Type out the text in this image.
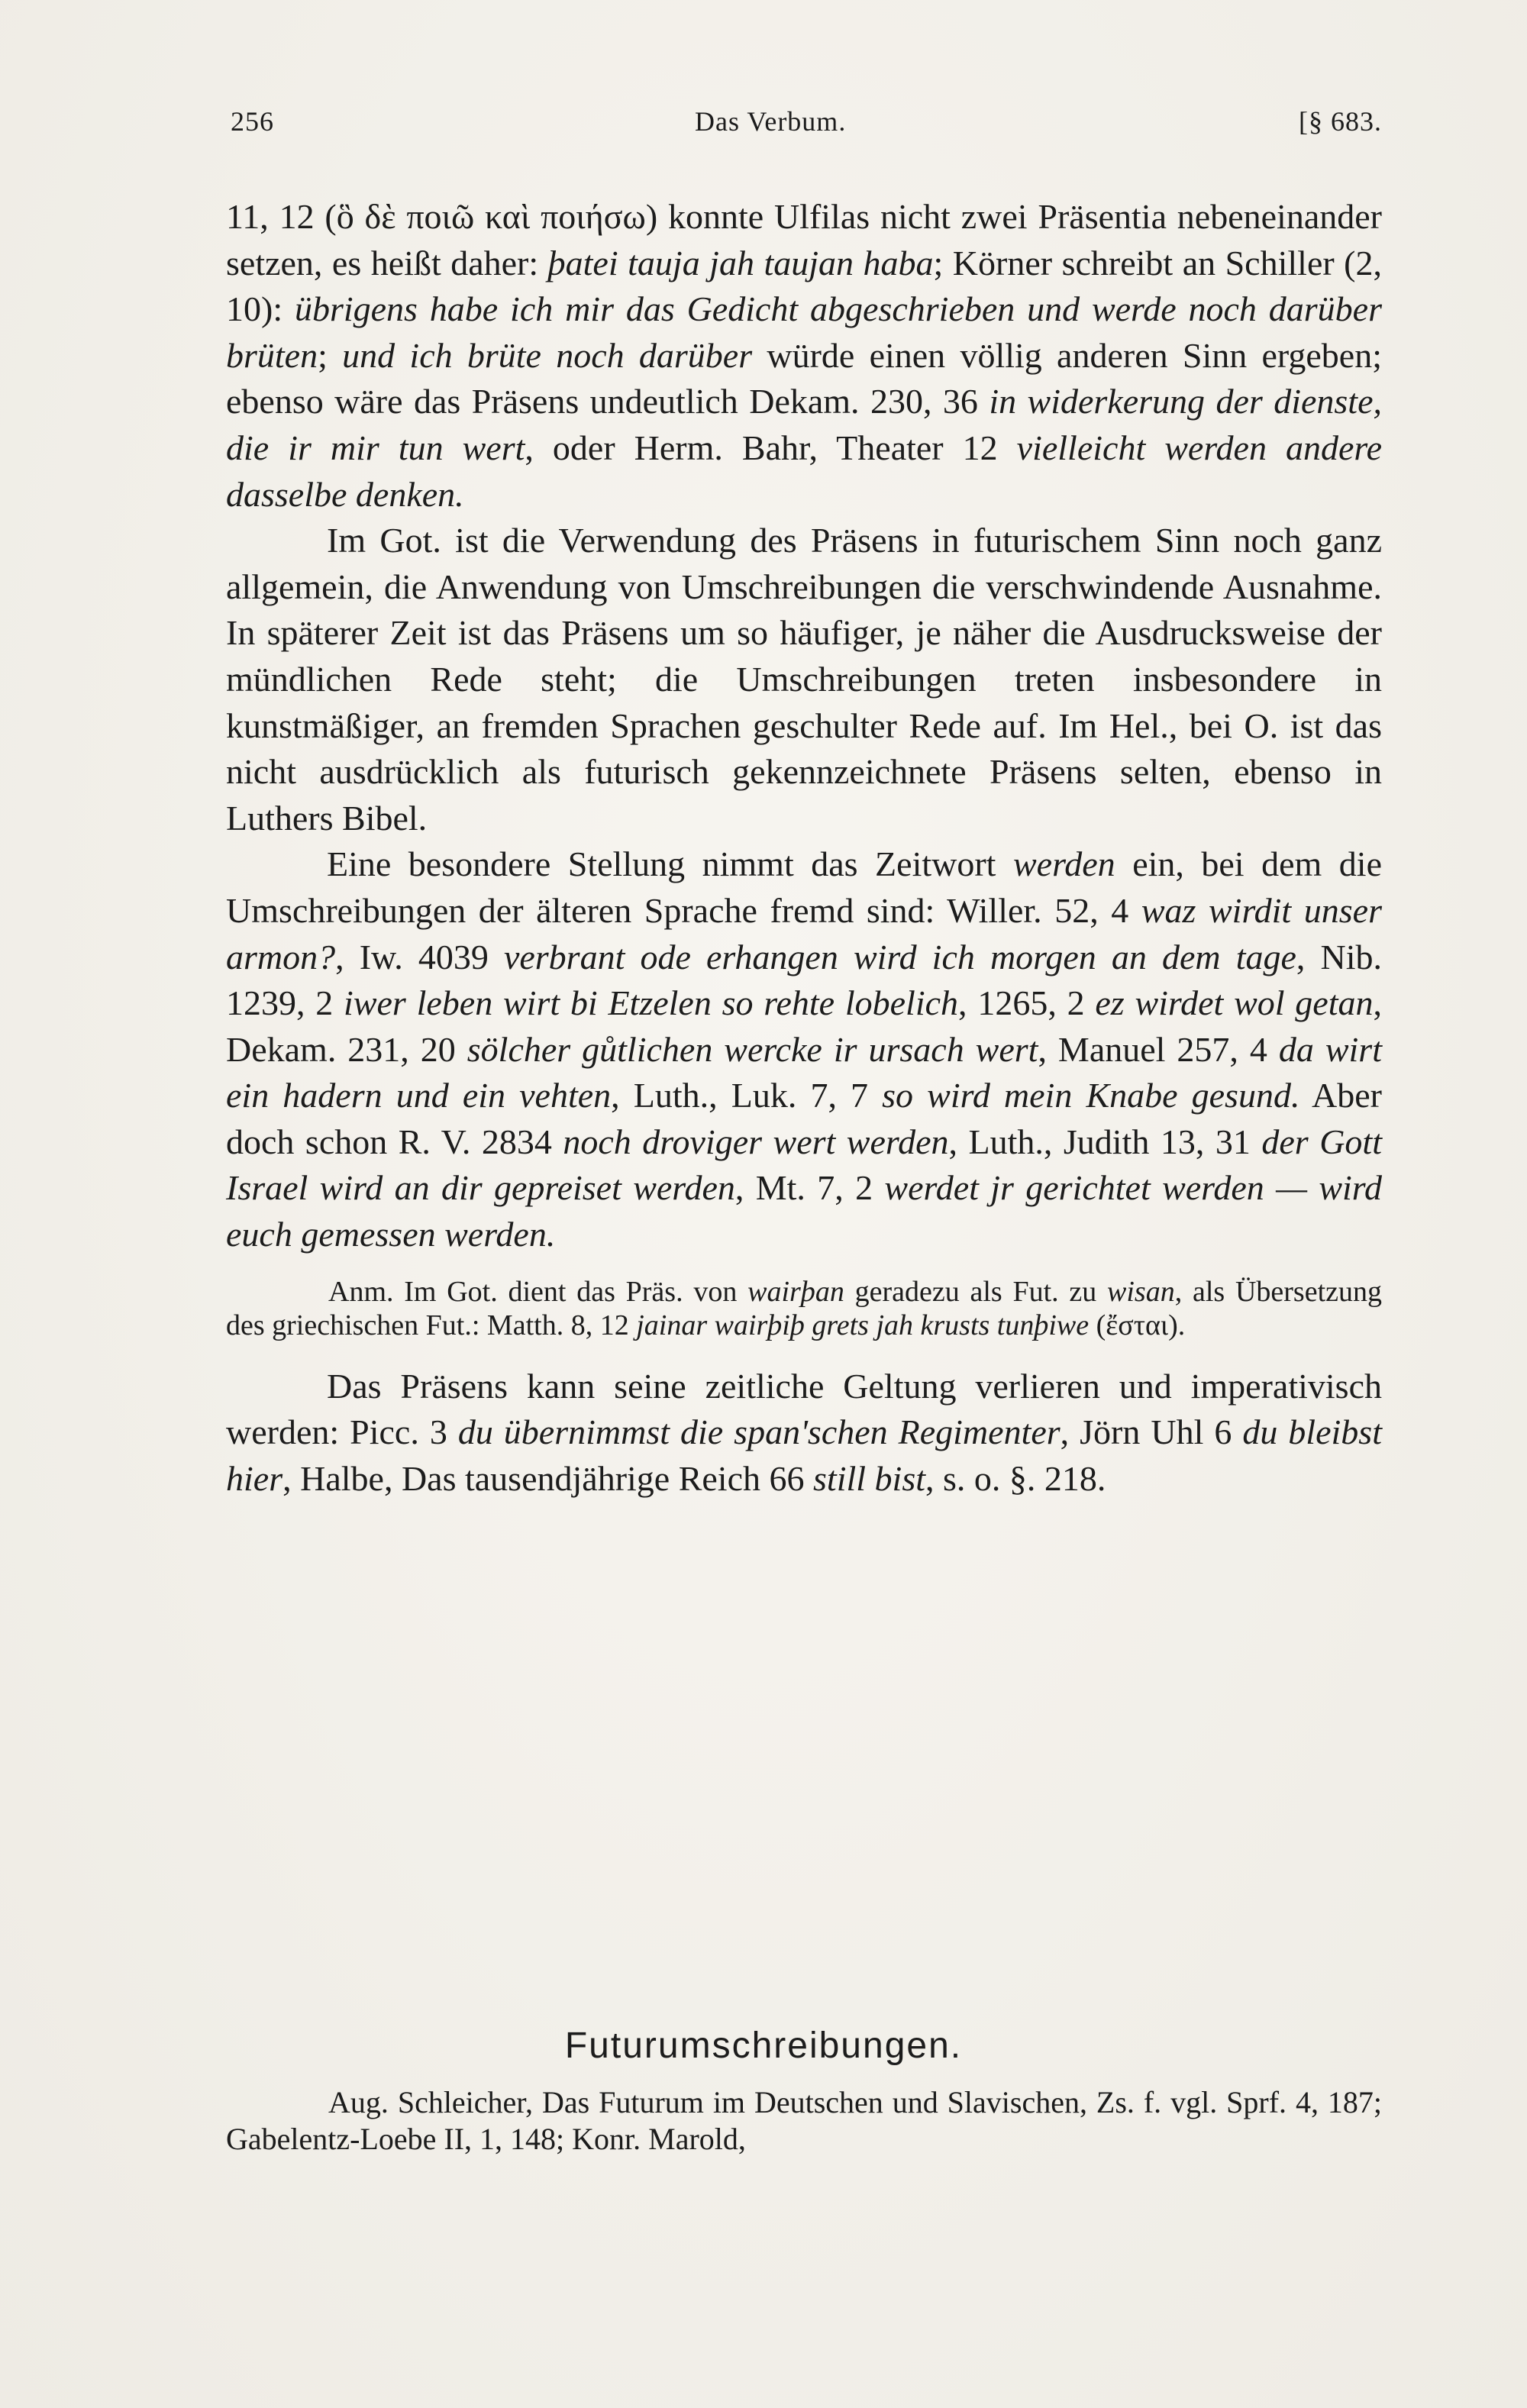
256	Das Verbum.	[§ 683.

11, 12 (ὃ δὲ ποιῶ καὶ ποιήσω) konnte Ulfilas nicht zwei Präsentia nebeneinander setzen, es heißt daher: þatei tauja jah taujan haba; Körner schreibt an Schiller (2, 10): übrigens habe ich mir das Gedicht abgeschrieben und werde noch darüber brüten; und ich brüte noch darüber würde einen völlig anderen Sinn ergeben; ebenso wäre das Präsens undeutlich Dekam. 230, 36 in widerkerung der dienste, die ir mir tun wert, oder Herm. Bahr, Theater 12 vielleicht werden andere dasselbe denken.

Im Got. ist die Verwendung des Präsens in futurischem Sinn noch ganz allgemein, die Anwendung von Umschreibungen die verschwindende Ausnahme. In späterer Zeit ist das Präsens um so häufiger, je näher die Ausdrucksweise der mündlichen Rede steht; die Umschreibungen treten insbesondere in kunstmäßiger, an fremden Sprachen geschulter Rede auf. Im Hel., bei O. ist das nicht ausdrücklich als futurisch gekennzeichnete Präsens selten, ebenso in Luthers Bibel.

Eine besondere Stellung nimmt das Zeitwort werden ein, bei dem die Umschreibungen der älteren Sprache fremd sind: Willer. 52, 4 waz wirdit unser armon?, Iw. 4039 verbrant ode erhangen wird ich morgen an dem tage, Nib. 1239, 2 iwer leben wirt bi Etzelen so rehte lobelich, 1265, 2 ez wirdet wol getan, Dekam. 231, 20 sölcher gůtlichen wercke ir ursach wert, Manuel 257, 4 da wirt ein hadern und ein vehten, Luth., Luk. 7, 7 so wird mein Knabe gesund. Aber doch schon R. V. 2834 noch droviger wert werden, Luth., Judith 13, 31 der Gott Israel wird an dir gepreiset werden, Mt. 7, 2 werdet jr gerichtet werden — wird euch gemessen werden.

Anm. Im Got. dient das Präs. von wairþan geradezu als Fut. zu wisan, als Übersetzung des griechischen Fut.: Matth. 8, 12 jainar wairþiþ grets jah krusts tunþiwe (ἔσται).

Das Präsens kann seine zeitliche Geltung verlieren und imperativisch werden: Picc. 3 du übernimmst die span'schen Regimenter, Jörn Uhl 6 du bleibst hier, Halbe, Das tausendjährige Reich 66 still bist, s. o. §. 218.

Futurumschreibungen.

Aug. Schleicher, Das Futurum im Deutschen und Slavischen, Zs. f. vgl. Sprf. 4, 187; Gabelentz-Loebe II, 1, 148; Konr. Marold,
